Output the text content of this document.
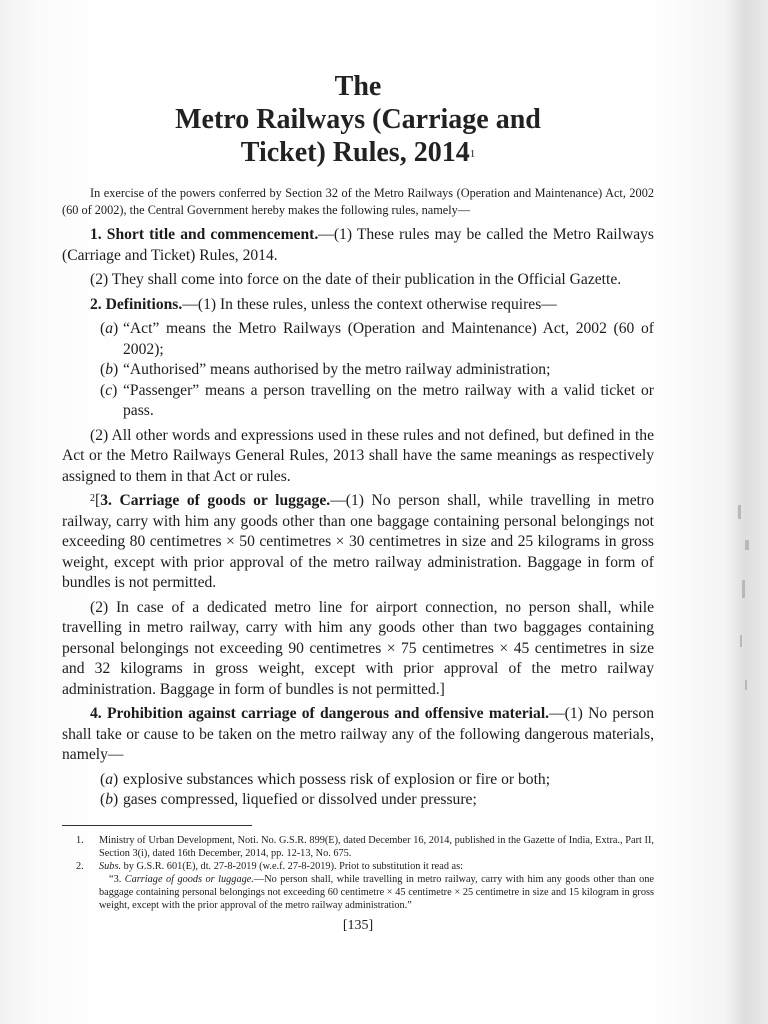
The
Metro Railways (Carriage and
Ticket) Rules, 2014$^1$

In exercise of the powers conferred by Section 32 of the Metro Railways (Operation and Maintenance) Act, 2002 (60 of 2002), the Central Government hereby makes the following rules, namely—

1. Short title and commencement.—(1) These rules may be called the Metro Railways (Carriage and Ticket) Rules, 2014.

(2) They shall come into force on the date of their publication in the Official Gazette.

2. Definitions.—(1) In these rules, unless the context otherwise requires—

(a) “Act” means the Metro Railways (Operation and Maintenance) Act, 2002 (60 of 2002);

(b) “Authorised” means authorised by the metro railway administration;

(c) “Passenger” means a person travelling on the metro railway with a valid ticket or pass.

(2) All other words and expressions used in these rules and not defined, but defined in the Act or the Metro Railways General Rules, 2013 shall have the same meanings as respectively assigned to them in that Act or rules.

$^2$[3. Carriage of goods or luggage.—(1) No person shall, while travelling in metro railway, carry with him any goods other than one baggage containing personal belongings not exceeding 80 centimetres × 50 centimetres × 30 centimetres in size and 25 kilograms in gross weight, except with prior approval of the metro railway administration. Baggage in form of bundles is not permitted.

(2) In case of a dedicated metro line for airport connection, no person shall, while travelling in metro railway, carry with him any goods other than two baggages containing personal belongings not exceeding 90 centimetres × 75 centimetres × 45 centimetres in size and 32 kilograms in gross weight, except with prior approval of the metro railway administration. Baggage in form of bundles is not permitted.]

4. Prohibition against carriage of dangerous and offensive material.—(1) No person shall take or cause to be taken on the metro railway any of the following dangerous materials, namely—

(a) explosive substances which possess risk of explosion or fire or both;

(b) gases compressed, liquefied or dissolved under pressure;

1. Ministry of Urban Development, Noti. No. G.S.R. 899(E), dated December 16, 2014, published in the Gazette of India, Extra., Part II, Section 3(i), dated 16th December, 2014, pp. 12-13, No. 675.

2. Subs. by G.S.R. 601(E), dt. 27-8-2019 (w.e.f. 27-8-2019). Priot to substitution it read as:

“3. Carriage of goods or luggage.—No person shall, while travelling in metro railway, carry with him any goods other than one baggage containing personal belongings not exceeding 60 centimetre × 45 centimetre × 25 centimetre in size and 15 kilogram in gross weight, except with the prior approval of the metro railway administration.”

[135]
